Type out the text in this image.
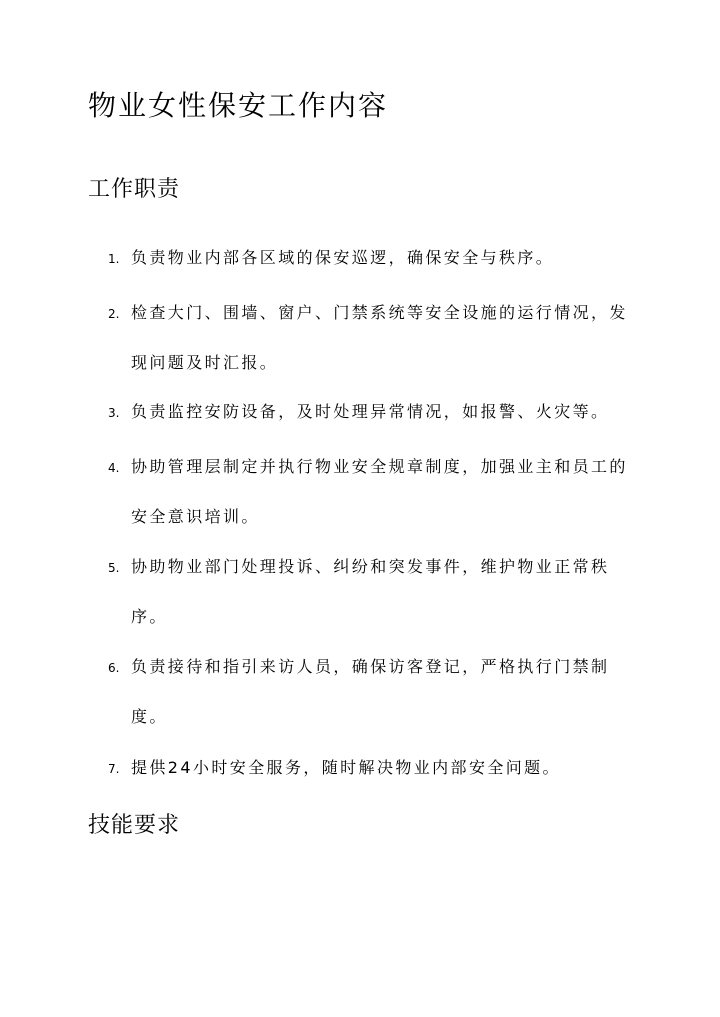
物业女性保安工作内容
工作职责
1. 负责物业内部各区域的保安巡逻，确保安全与秩序。
2. 检查大门、围墙、窗户、门禁系统等安全设施的运行情况，发现问题及时汇报。
3. 负责监控安防设备，及时处理异常情况，如报警、火灾等。
4. 协助管理层制定并执行物业安全规章制度，加强业主和员工的安全意识培训。
5. 协助物业部门处理投诉、纠纷和突发事件，维护物业正常秩序。
6. 负责接待和指引来访人员，确保访客登记，严格执行门禁制度。
7. 提供24小时安全服务，随时解决物业内部安全问题。
技能要求
